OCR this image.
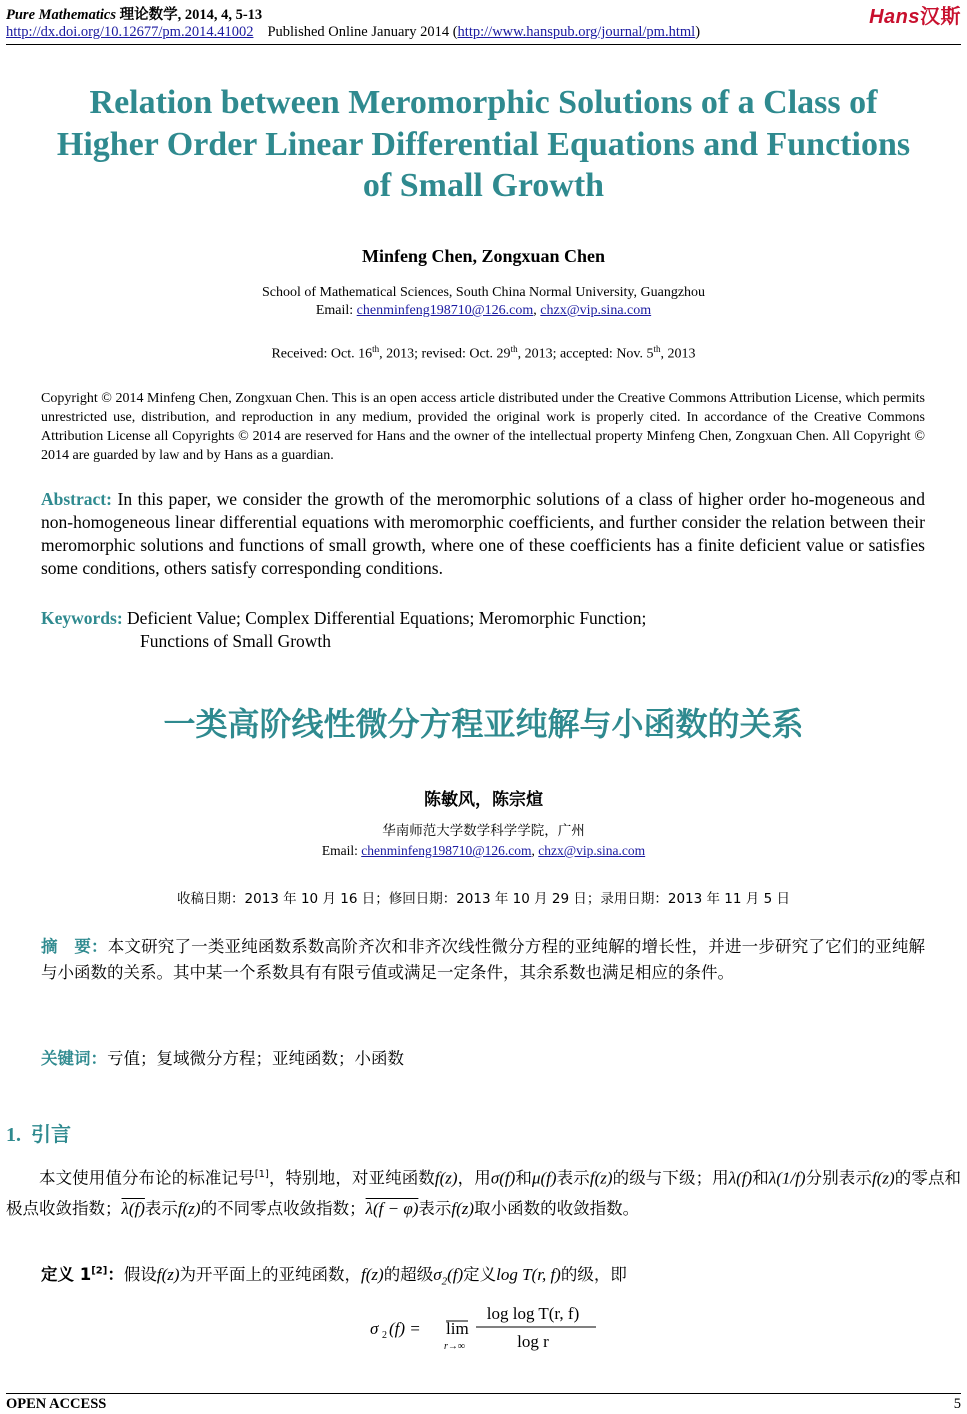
Pure Mathematics 理论数学, 2014, 4, 5-13
http://dx.doi.org/10.12677/pm.2014.41002 Published Online January 2014 (http://www.hanspub.org/journal/pm.html)
Hans汉斯
Relation between Meromorphic Solutions of a Class of Higher Order Linear Differential Equations and Functions of Small Growth
Minfeng Chen, Zongxuan Chen
School of Mathematical Sciences, South China Normal University, Guangzhou
Email: chenminfeng198710@126.com, chzx@vip.sina.com
Received: Oct. 16th, 2013; revised: Oct. 29th, 2013; accepted: Nov. 5th, 2013
Copyright © 2014 Minfeng Chen, Zongxuan Chen. This is an open access article distributed under the Creative Commons Attribution License, which permits unrestricted use, distribution, and reproduction in any medium, provided the original work is properly cited. In accordance of the Creative Commons Attribution License all Copyrights © 2014 are reserved for Hans and the owner of the intellectual property Minfeng Chen, Zongxuan Chen. All Copyright © 2014 are guarded by law and by Hans as a guardian.
Abstract: In this paper, we consider the growth of the meromorphic solutions of a class of higher order ho-mogeneous and non-homogeneous linear differential equations with meromorphic coefficients, and further consider the relation between their meromorphic solutions and functions of small growth, where one of these coefficients has a finite deficient value or satisfies some conditions, others satisfy corresponding conditions.
Keywords: Deficient Value; Complex Differential Equations; Meromorphic Function;
Functions of Small Growth
一类高阶线性微分方程亚纯解与小函数的关系
陈敏风，陈宗煊
华南师范大学数学科学学院，广州
Email: chenminfeng198710@126.com, chzx@vip.sina.com
收稿日期：2013 年 10 月 16 日；修回日期：2013 年 10 月 29 日；录用日期：2013 年 11 月 5 日
摘　要：本文研究了一类亚纯函数系数高阶齐次和非齐次线性微分方程的亚纯解的增长性，并进一步研究了它们的亚纯解与小函数的关系。其中某一个系数具有有限亏值或满足一定条件，其余系数也满足相应的条件。
关键词：亏值；复域微分方程；亚纯函数；小函数
1. 引言
本文使用值分布论的标准记号[1]，特别地，对亚纯函数f(z)，用σ(f)和μ(f)表示f(z)的级与下级；用λ(f)和λ(1/f)分别表示f(z)的零点和极点收敛指数；λ(f)表示f(z)的不同零点收敛指数；λ(f − φ)表示f(z)取小函数的收敛指数。
定义 1[2]：假设f(z)为开平面上的亚纯函数，f(z)的超级$\sigma_2(f)$定义log T(r, f)的级，即
σ 2 (f) = lim
r→∞
log log T(r, f)
log r
OPEN ACCESS	5
